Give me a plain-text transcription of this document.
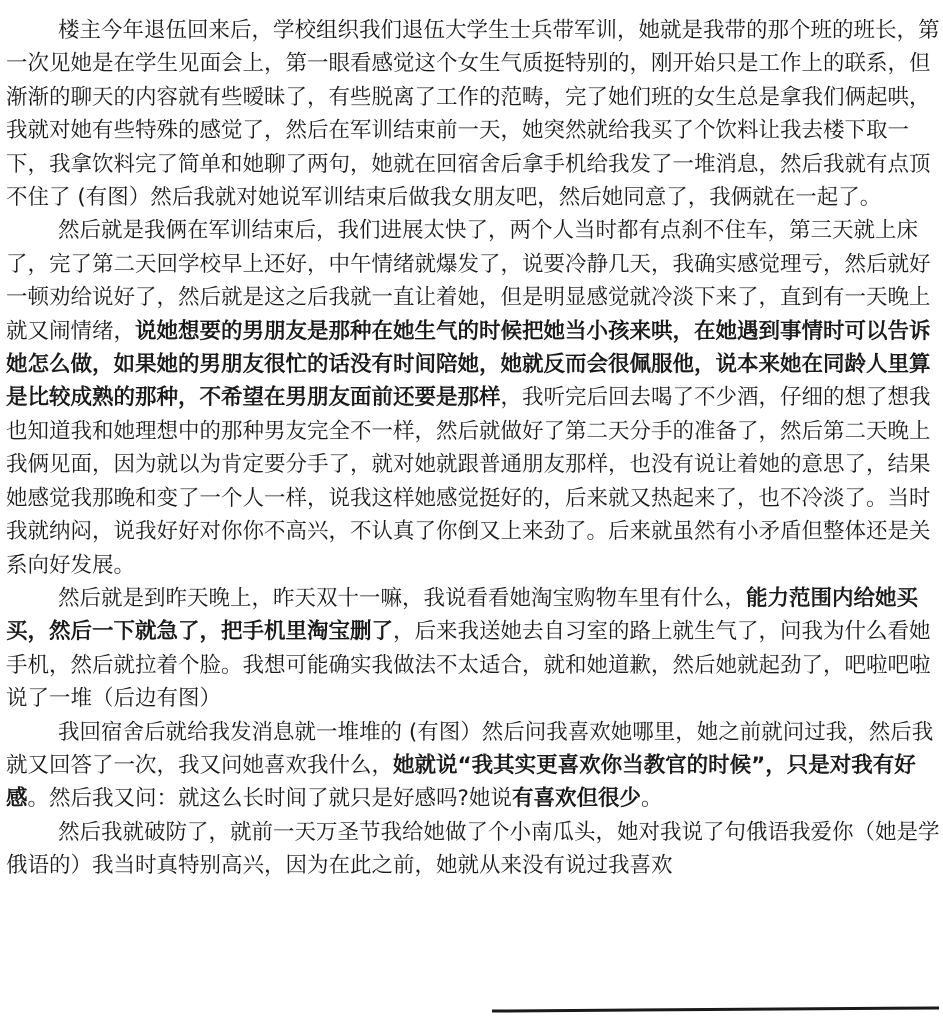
楼主今年退伍回来后，学校组织我们退伍大学生士兵带军训，她就是我带的那个班的班长，第一次见她是在学生见面会上，第一眼看感觉这个女生气质挺特别的，刚开始只是工作上的联系，但渐渐的聊天的内容就有些暧昧了，有些脱离了工作的范畴，完了她们班的女生总是拿我们俩起哄，我就对她有些特殊的感觉了，然后在军训结束前一天，她突然就给我买了个饮料让我去楼下取一下，我拿饮料完了简单和她聊了两句，她就在回宿舍后拿手机给我发了一堆消息，然后我就有点顶不住了 (有图）然后我就对她说军训结束后做我女朋友吧，然后她同意了，我俩就在一起了。

然后就是我俩在军训结束后，我们进展太快了，两个人当时都有点刹不住车，第三天就上床了，完了第二天回学校早上还好，中午情绪就爆发了，说要冷静几天，我确实感觉理亏，然后就好一顿劝给说好了，然后就是这之后我就一直让着她，但是明显感觉就冷淡下来了，直到有一天晚上就又闹情绪，说她想要的男朋友是那种在她生气的时候把她当小孩来哄，在她遇到事情时可以告诉她怎么做，如果她的男朋友很忙的话没有时间陪她，她就反而会很佩服他，说本来她在同龄人里算是比较成熟的那种，不希望在男朋友面前还要是那样，我听完后回去喝了不少酒，仔细的想了想我也知道我和她理想中的那种男友完全不一样，然后就做好了第二天分手的准备了，然后第二天晚上我俩见面，因为就以为肯定要分手了，就对她就跟普通朋友那样，也没有说让着她的意思了，结果她感觉我那晚和变了一个人一样，说我这样她感觉挺好的，后来就又热起来了，也不冷淡了。当时我就纳闷，说我好好对你你不高兴，不认真了你倒又上来劲了。后来就虽然有小矛盾但整体还是关系向好发展。

然后就是到昨天晚上，昨天双十一嘛，我说看看她淘宝购物车里有什么，能力范围内给她买买，然后一下就急了，把手机里淘宝删了，后来我送她去自习室的路上就生气了，问我为什么看她手机，然后就拉着个脸。我想可能确实我做法不太适合，就和她道歉，然后她就起劲了，吧啦吧啦说了一堆（后边有图）

我回宿舍后就给我发消息就一堆堆的 (有图）然后问我喜欢她哪里，她之前就问过我，然后我就又回答了一次，我又问她喜欢我什么，她就说“我其实更喜欢你当教官的时候”，只是对我有好感。然后我又问：就这么长时间了就只是好感吗?她说有喜欢但很少。

然后我就破防了，就前一天万圣节我给她做了个小南瓜头，她对我说了句俄语我爱你（她是学俄语的）我当时真特别高兴，因为在此之前，她就从来没有说过我喜欢
